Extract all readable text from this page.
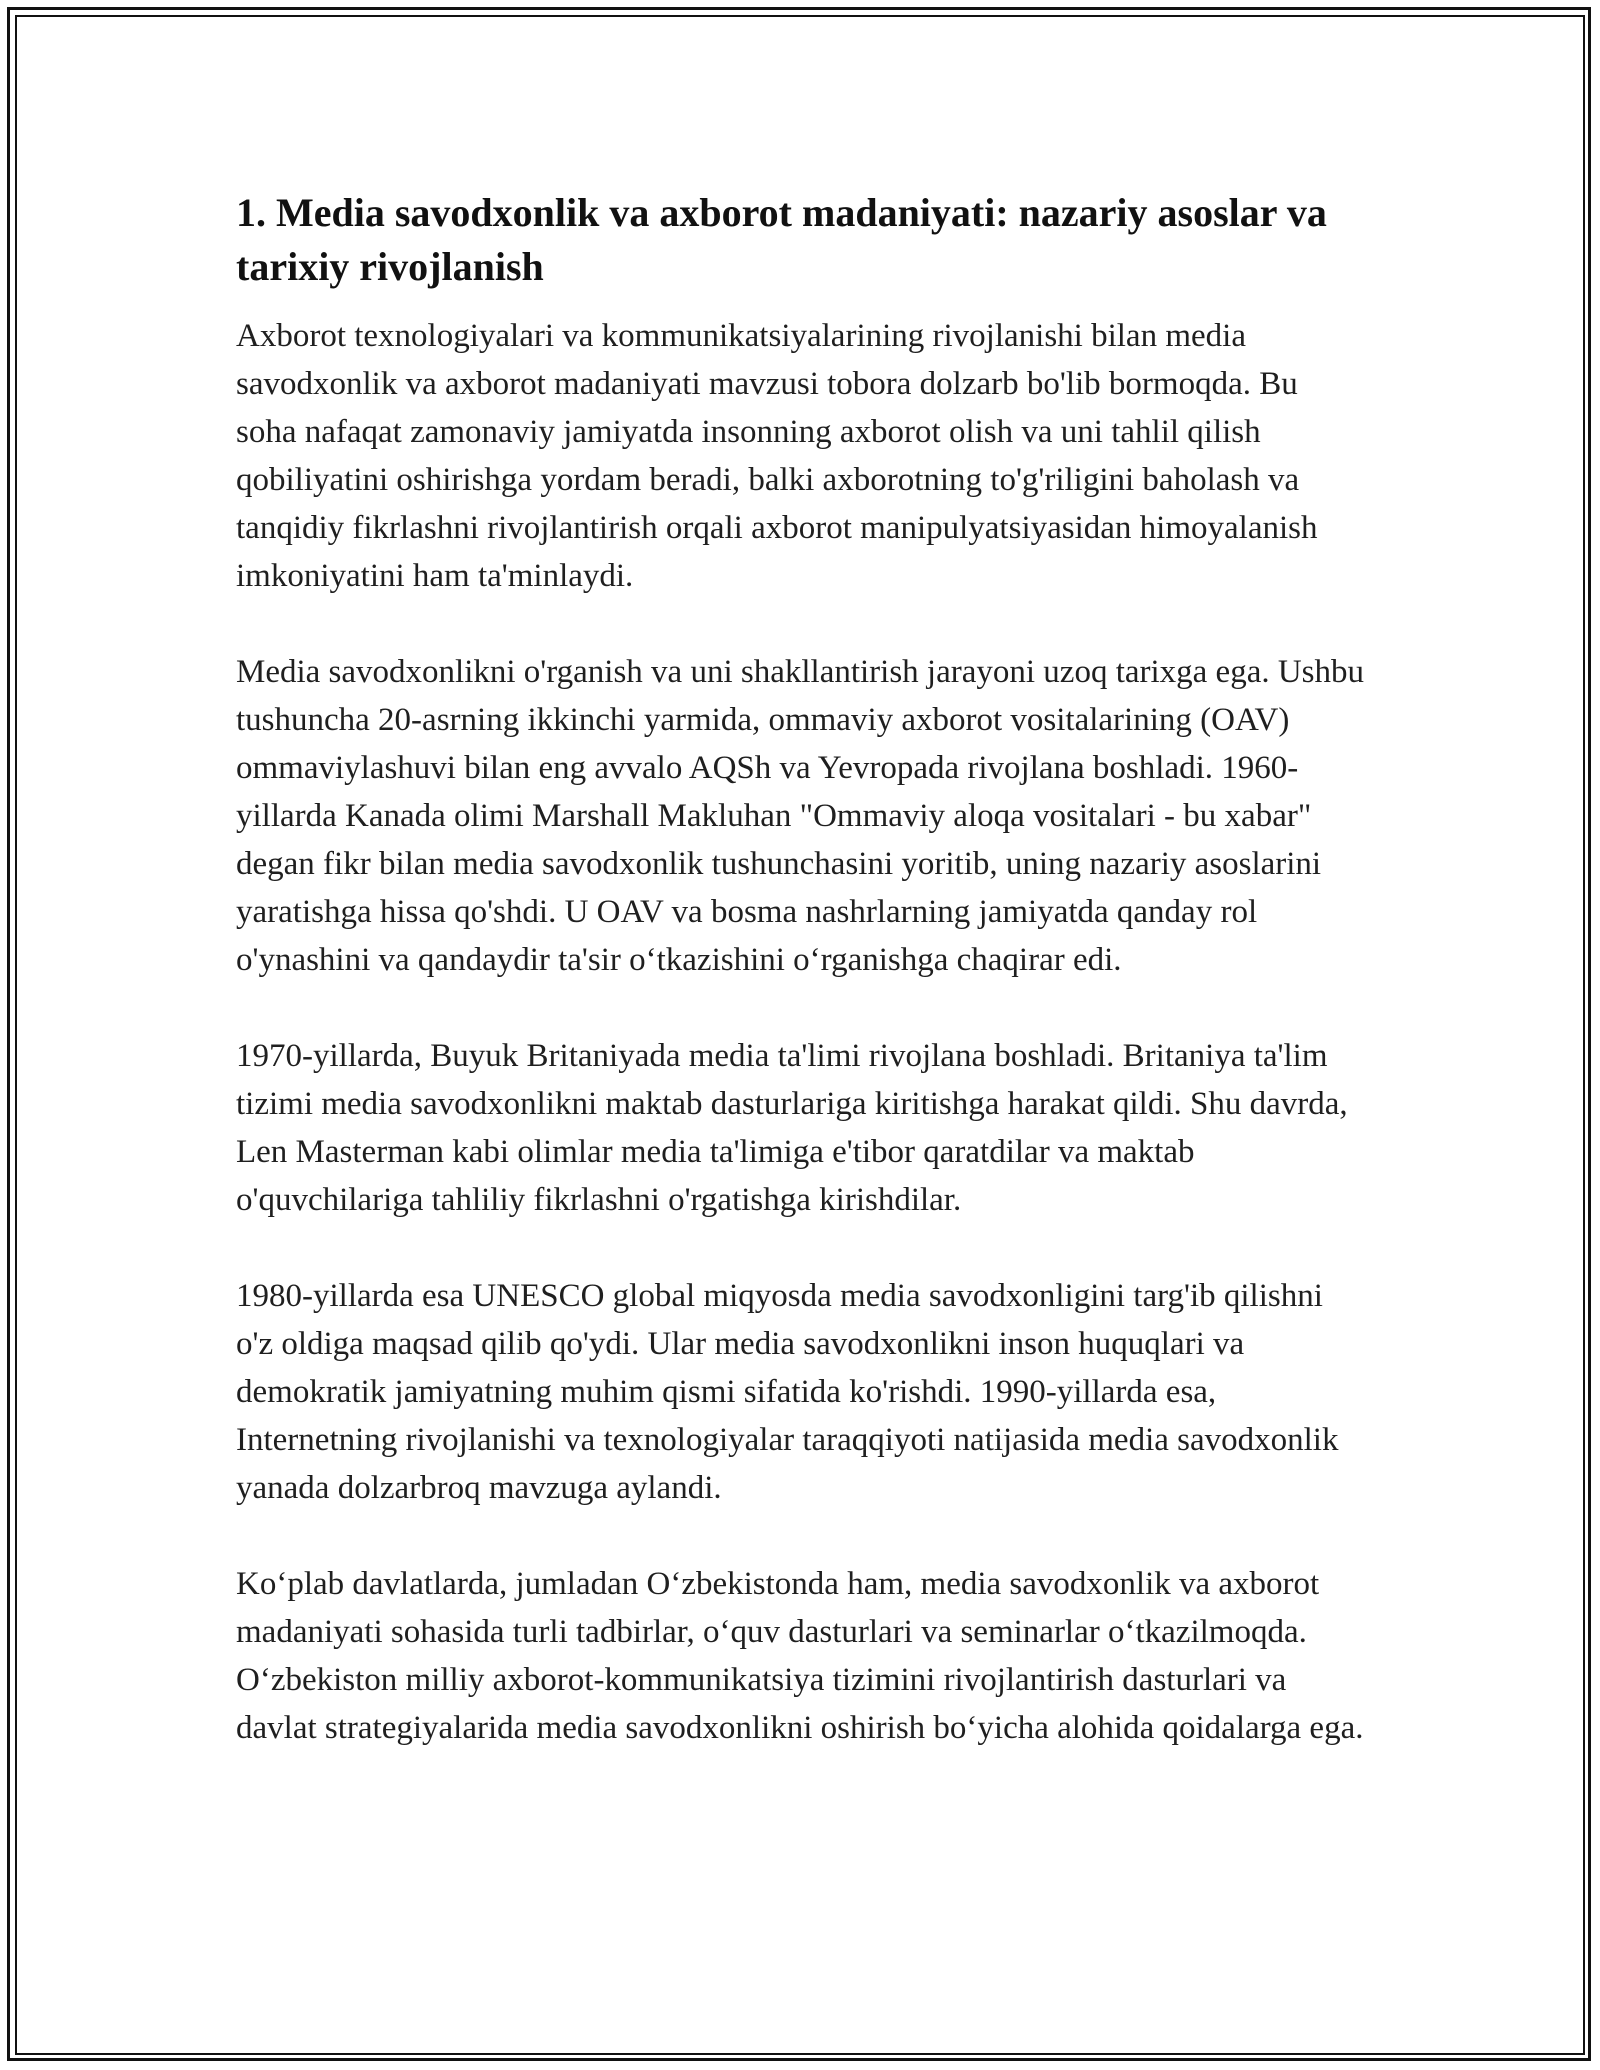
1. Media savodxonlik va axborot madaniyati: nazariy asoslar va tarixiy rivojlanish

Axborot texnologiyalari va kommunikatsiyalarining rivojlanishi bilan media savodxonlik va axborot madaniyati mavzusi tobora dolzarb bo'lib bormoqda. Bu soha nafaqat zamonaviy jamiyatda insonning axborot olish va uni tahlil qilish qobiliyatini oshirishga yordam beradi, balki axborotning to'g'riligini baholash va tanqidiy fikrlashni rivojlantirish orqali axborot manipulyatsiyasidan himoyalanish imkoniyatini ham ta'minlaydi.

Media savodxonlikni o'rganish va uni shakllantirish jarayoni uzoq tarixga ega. Ushbu tushuncha 20-asrning ikkinchi yarmida, ommaviy axborot vositalarining (OAV) ommaviylashuvi bilan eng avvalo AQSh va Yevropada rivojlana boshladi. 1960-yillarda Kanada olimi Marshall Makluhan "Ommaviy aloqa vositalari - bu xabar" degan fikr bilan media savodxonlik tushunchasini yoritib, uning nazariy asoslarini yaratishga hissa qo'shdi. U OAV va bosma nashrlarning jamiyatda qanday rol o'ynashini va qandaydir ta'sir o‘tkazishini o‘rganishga chaqirar edi.

1970-yillarda, Buyuk Britaniyada media ta'limi rivojlana boshladi. Britaniya ta'lim tizimi media savodxonlikni maktab dasturlariga kiritishga harakat qildi. Shu davrda, Len Masterman kabi olimlar media ta'limiga e'tibor qaratdilar va maktab o'quvchilariga tahliliy fikrlashni o'rgatishga kirishdilar.

1980-yillarda esa UNESCO global miqyosda media savodxonligini targ'ib qilishni o'z oldiga maqsad qilib qo'ydi. Ular media savodxonlikni inson huquqlari va demokratik jamiyatning muhim qismi sifatida ko'rishdi. 1990-yillarda esa, Internetning rivojlanishi va texnologiyalar taraqqiyoti natijasida media savodxonlik yanada dolzarbroq mavzuga aylandi.

Ko‘plab davlatlarda, jumladan O‘zbekistonda ham, media savodxonlik va axborot madaniyati sohasida turli tadbirlar, o‘quv dasturlari va seminarlar o‘tkazilmoqda. O‘zbekiston milliy axborot-kommunikatsiya tizimini rivojlantirish dasturlari va davlat strategiyalarida media savodxonlikni oshirish bo‘yicha alohida qoidalarga ega.
